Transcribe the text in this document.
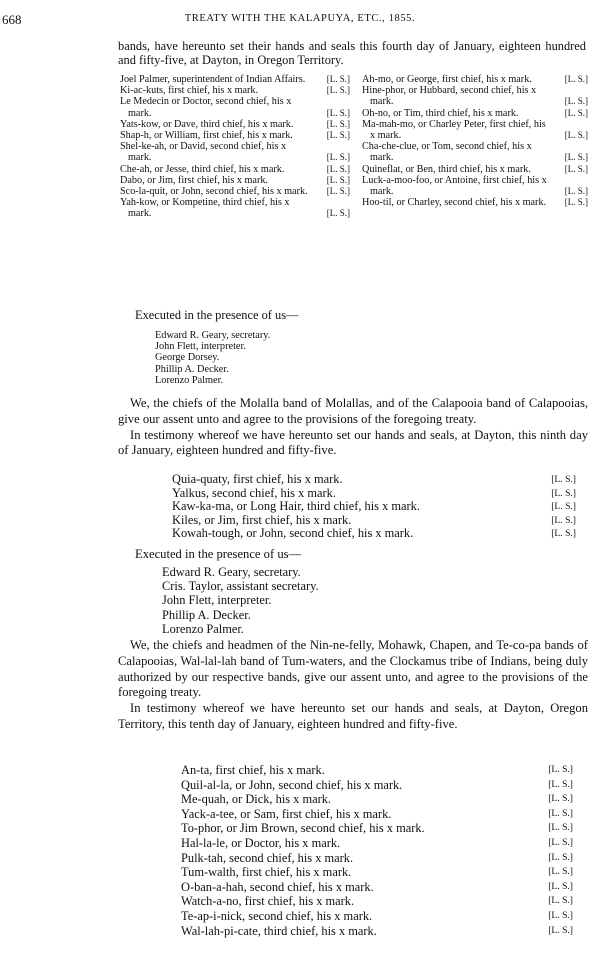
668	TREATY WITH THE KALAPUYA, ETC., 1855.
bands, have hereunto set their hands and seals this fourth day of January, eighteen hundred and fifty-five, at Dayton, in Oregon Territory.
Joel Palmer, superintendent of Indian Affairs.	[L. S.]
Ki-ac-kuts, first chief, his x mark.	[L. S.]
Le Medecin or Doctor, second chief, his x mark.	[L. S.]
Yats-kow, or Dave, third chief, his x mark.	[L. S.]
Shap-h, or William, first chief, his x mark.	[L. S.]
Shel-ke-ah, or David, second chief, his x mark.	[L. S.]
Che-ah, or Jesse, third chief, his x mark.	[L. S.]
Dabo, or Jim, first chief, his x mark.	[L. S.]
Sco-la-quit, or John, second chief, his x mark.	[L. S.]
Yah-kow, or Kompetine, third chief, his x mark.	[L. S.]
Ah-mo, or George, first chief, his x mark.	[L. S.]
Hine-phor, or Hubbard, second chief, his x mark.	[L. S.]
Oh-no, or Tim, third chief, his x mark.	[L. S.]
Ma-mah-mo, or Charley Peter, first chief, his x mark.	[L. S.]
Cha-che-clue, or Tom, second chief, his x mark.	[L. S.]
Quineflat, or Ben, third chief, his x mark.	[L. S.]
Luck-a-moo-foo, or Antoine, first chief, his x mark.	[L. S.]
Hoo-til, or Charley, second chief, his x mark.	[L. S.]
Executed in the presence of us—
Edward R. Geary, secretary.
John Flett, interpreter.
George Dorsey.
Phillip A. Decker.
Lorenzo Palmer.

We, the chiefs of the Molalla band of Molallas, and of the Calapooia band of Calapooias, give our assent unto and agree to the provisions of the foregoing treaty.

In testimony whereof we have hereunto set our hands and seals, at Dayton, this ninth day of January, eighteen hundred and fifty-five.

Quia-quaty, first chief, his x mark.	[L. S.]
Yalkus, second chief, his x mark.	[L. S.]
Kaw-ka-ma, or Long Hair, third chief, his x mark.	[L. S.]
Kiles, or Jim, first chief, his x mark.	[L. S.]
Kowah-tough, or John, second chief, his x mark.	[L. S.]
Executed in the presence of us—
Edward R. Geary, secretary.
Cris. Taylor, assistant secretary.
John Flett, interpreter.
Phillip A. Decker.
Lorenzo Palmer.

We, the chiefs and headmen of the Nin-ne-felly, Mohawk, Chapen, and Te-co-pa bands of Calapooias, Wal-lal-lah band of Tum-waters, and the Clockamus tribe of Indians, being duly authorized by our respective bands, give our assent unto, and agree to the provisions of the foregoing treaty.

In testimony whereof we have hereunto set our hands and seals, at Dayton, Oregon Territory, this tenth day of January, eighteen hundred and fifty-five.

An-ta, first chief, his x mark.	[L. S.]
Quil-al-la, or John, second chief, his x mark.	[L. S.]
Me-quah, or Dick, his x mark.	[L. S.]
Yack-a-tee, or Sam, first chief, his x mark.	[L. S.]
To-phor, or Jim Brown, second chief, his x mark.	[L. S.]
Hal-la-le, or Doctor, his x mark.	[L. S.]
Pulk-tah, second chief, his x mark.	[L. S.]
Tum-walth, first chief, his x mark.	[L. S.]
O-ban-a-hah, second chief, his x mark.	[L. S.]
Watch-a-no, first chief, his x mark.	[L. S.]
Te-ap-i-nick, second chief, his x mark.	[L. S.]
Wal-lah-pi-cate, third chief, his x mark.	[L. S.]
